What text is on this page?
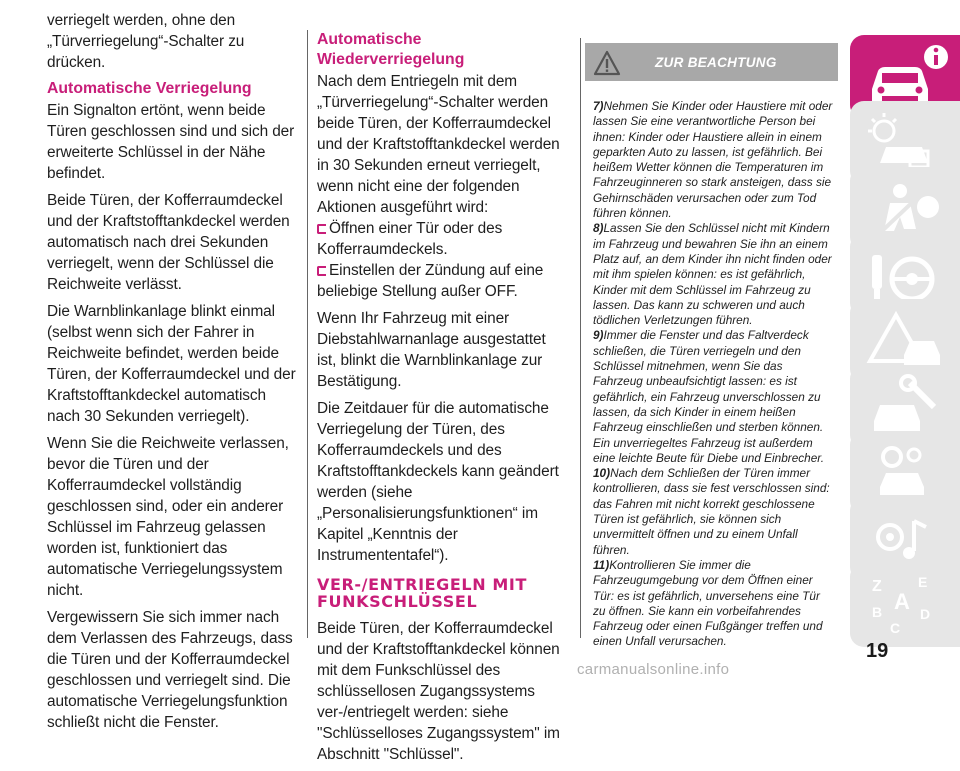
verriegelt werden, ohne den „Türverriegelung“-Schalter zu drücken.

Automatische Verriegelung

Ein Signalton ertönt, wenn beide Türen geschlossen sind und sich der erweiterte Schlüssel in der Nähe befindet.

Beide Türen, der Kofferraumdeckel und der Kraftstofftankdeckel werden automatisch nach drei Sekunden verriegelt, wenn der Schlüssel die Reichweite verlässt.

Die Warnblinkanlage blinkt einmal (selbst wenn sich der Fahrer in Reichweite befindet, werden beide Türen, der Kofferraumdeckel und der Kraftstofftankdeckel automatisch nach 30 Sekunden verriegelt).

Wenn Sie die Reichweite verlassen, bevor die Türen und der Kofferraumdeckel vollständig geschlossen sind, oder ein anderer Schlüssel im Fahrzeug gelassen worden ist, funktioniert das automatische Verriegelungssystem nicht.

Vergewissern Sie sich immer nach dem Verlassen des Fahrzeugs, dass die Türen und der Kofferraumdeckel geschlossen und verriegelt sind. Die automatische Verriegelungsfunktion schließt nicht die Fenster.

Automatische Wiederverriegelung

Nach dem Entriegeln mit dem „Türverriegelung“-Schalter werden beide Türen, der Kofferraumdeckel und der Kraftstofftankdeckel werden in 30 Sekunden erneut verriegelt, wenn nicht eine der folgenden Aktionen ausgeführt wird:

Öffnen einer Tür oder des Kofferraumdeckels.

Einstellen der Zündung auf eine beliebige Stellung außer OFF.

Wenn Ihr Fahrzeug mit einer Diebstahlwarnanlage ausgestattet ist, blinkt die Warnblinkanlage zur Bestätigung.

Die Zeitdauer für die automatische Verriegelung der Türen, des Kofferraumdeckels und des Kraftstofftankdeckels kann geändert werden (siehe „Personalisierungsfunktionen“ im Kapitel „Kenntnis der Instrumententafel“).

VER-/ENTRIEGELN MIT FUNKSCHLÜSSEL

Beide Türen, der Kofferraumdeckel und der Kraftstofftankdeckel können mit dem Funkschlüssel des schlüssellosen Zugangssystems ver-/entriegelt werden: siehe "Schlüsselloses Zugangssystem" im Abschnitt "Schlüssel".

ZUR BEACHTUNG

7)Nehmen Sie Kinder oder Haustiere mit oder lassen Sie eine verantwortliche Person bei ihnen: Kinder oder Haustiere allein in einem geparkten Auto zu lassen, ist gefährlich. Bei heißem Wetter können die Temperaturen im Fahrzeuginneren so stark ansteigen, dass sie Gehirnschäden verursachen oder zum Tod führen können.

8)Lassen Sie den Schlüssel nicht mit Kindern im Fahrzeug und bewahren Sie ihn an einem Platz auf, an dem Kinder ihn nicht finden oder mit ihm spielen können: es ist gefährlich, Kinder mit dem Schlüssel im Fahrzeug zu lassen. Das kann zu schweren und auch tödlichen Verletzungen führen.

9)Immer die Fenster und das Faltverdeck schließen, die Türen verriegeln und den Schlüssel mitnehmen, wenn Sie das Fahrzeug unbeaufsichtigt lassen: es ist gefährlich, ein Fahrzeug unverschlossen zu lassen, da sich Kinder in einem heißen Fahrzeug einschließen und sterben können. Ein unverriegeltes Fahrzeug ist außerdem eine leichte Beute für Diebe und Einbrecher.

10)Nach dem Schließen der Türen immer kontrollieren, dass sie fest verschlossen sind: das Fahren mit nicht korrekt geschlossene Türen ist gefährlich, sie können sich unvermittelt öffnen und zu einem Unfall führen.

11)Kontrollieren Sie immer die Fahrzeugumgebung vor dem Öffnen einer Tür: es ist gefährlich, unversehens eine Tür zu öffnen. Sie kann ein vorbeifahrendes Fahrzeug oder einen Fußgänger treffen und einen Unfall verursachen.

Z	E
A
B	D
C
19
carmanualsonline.info
